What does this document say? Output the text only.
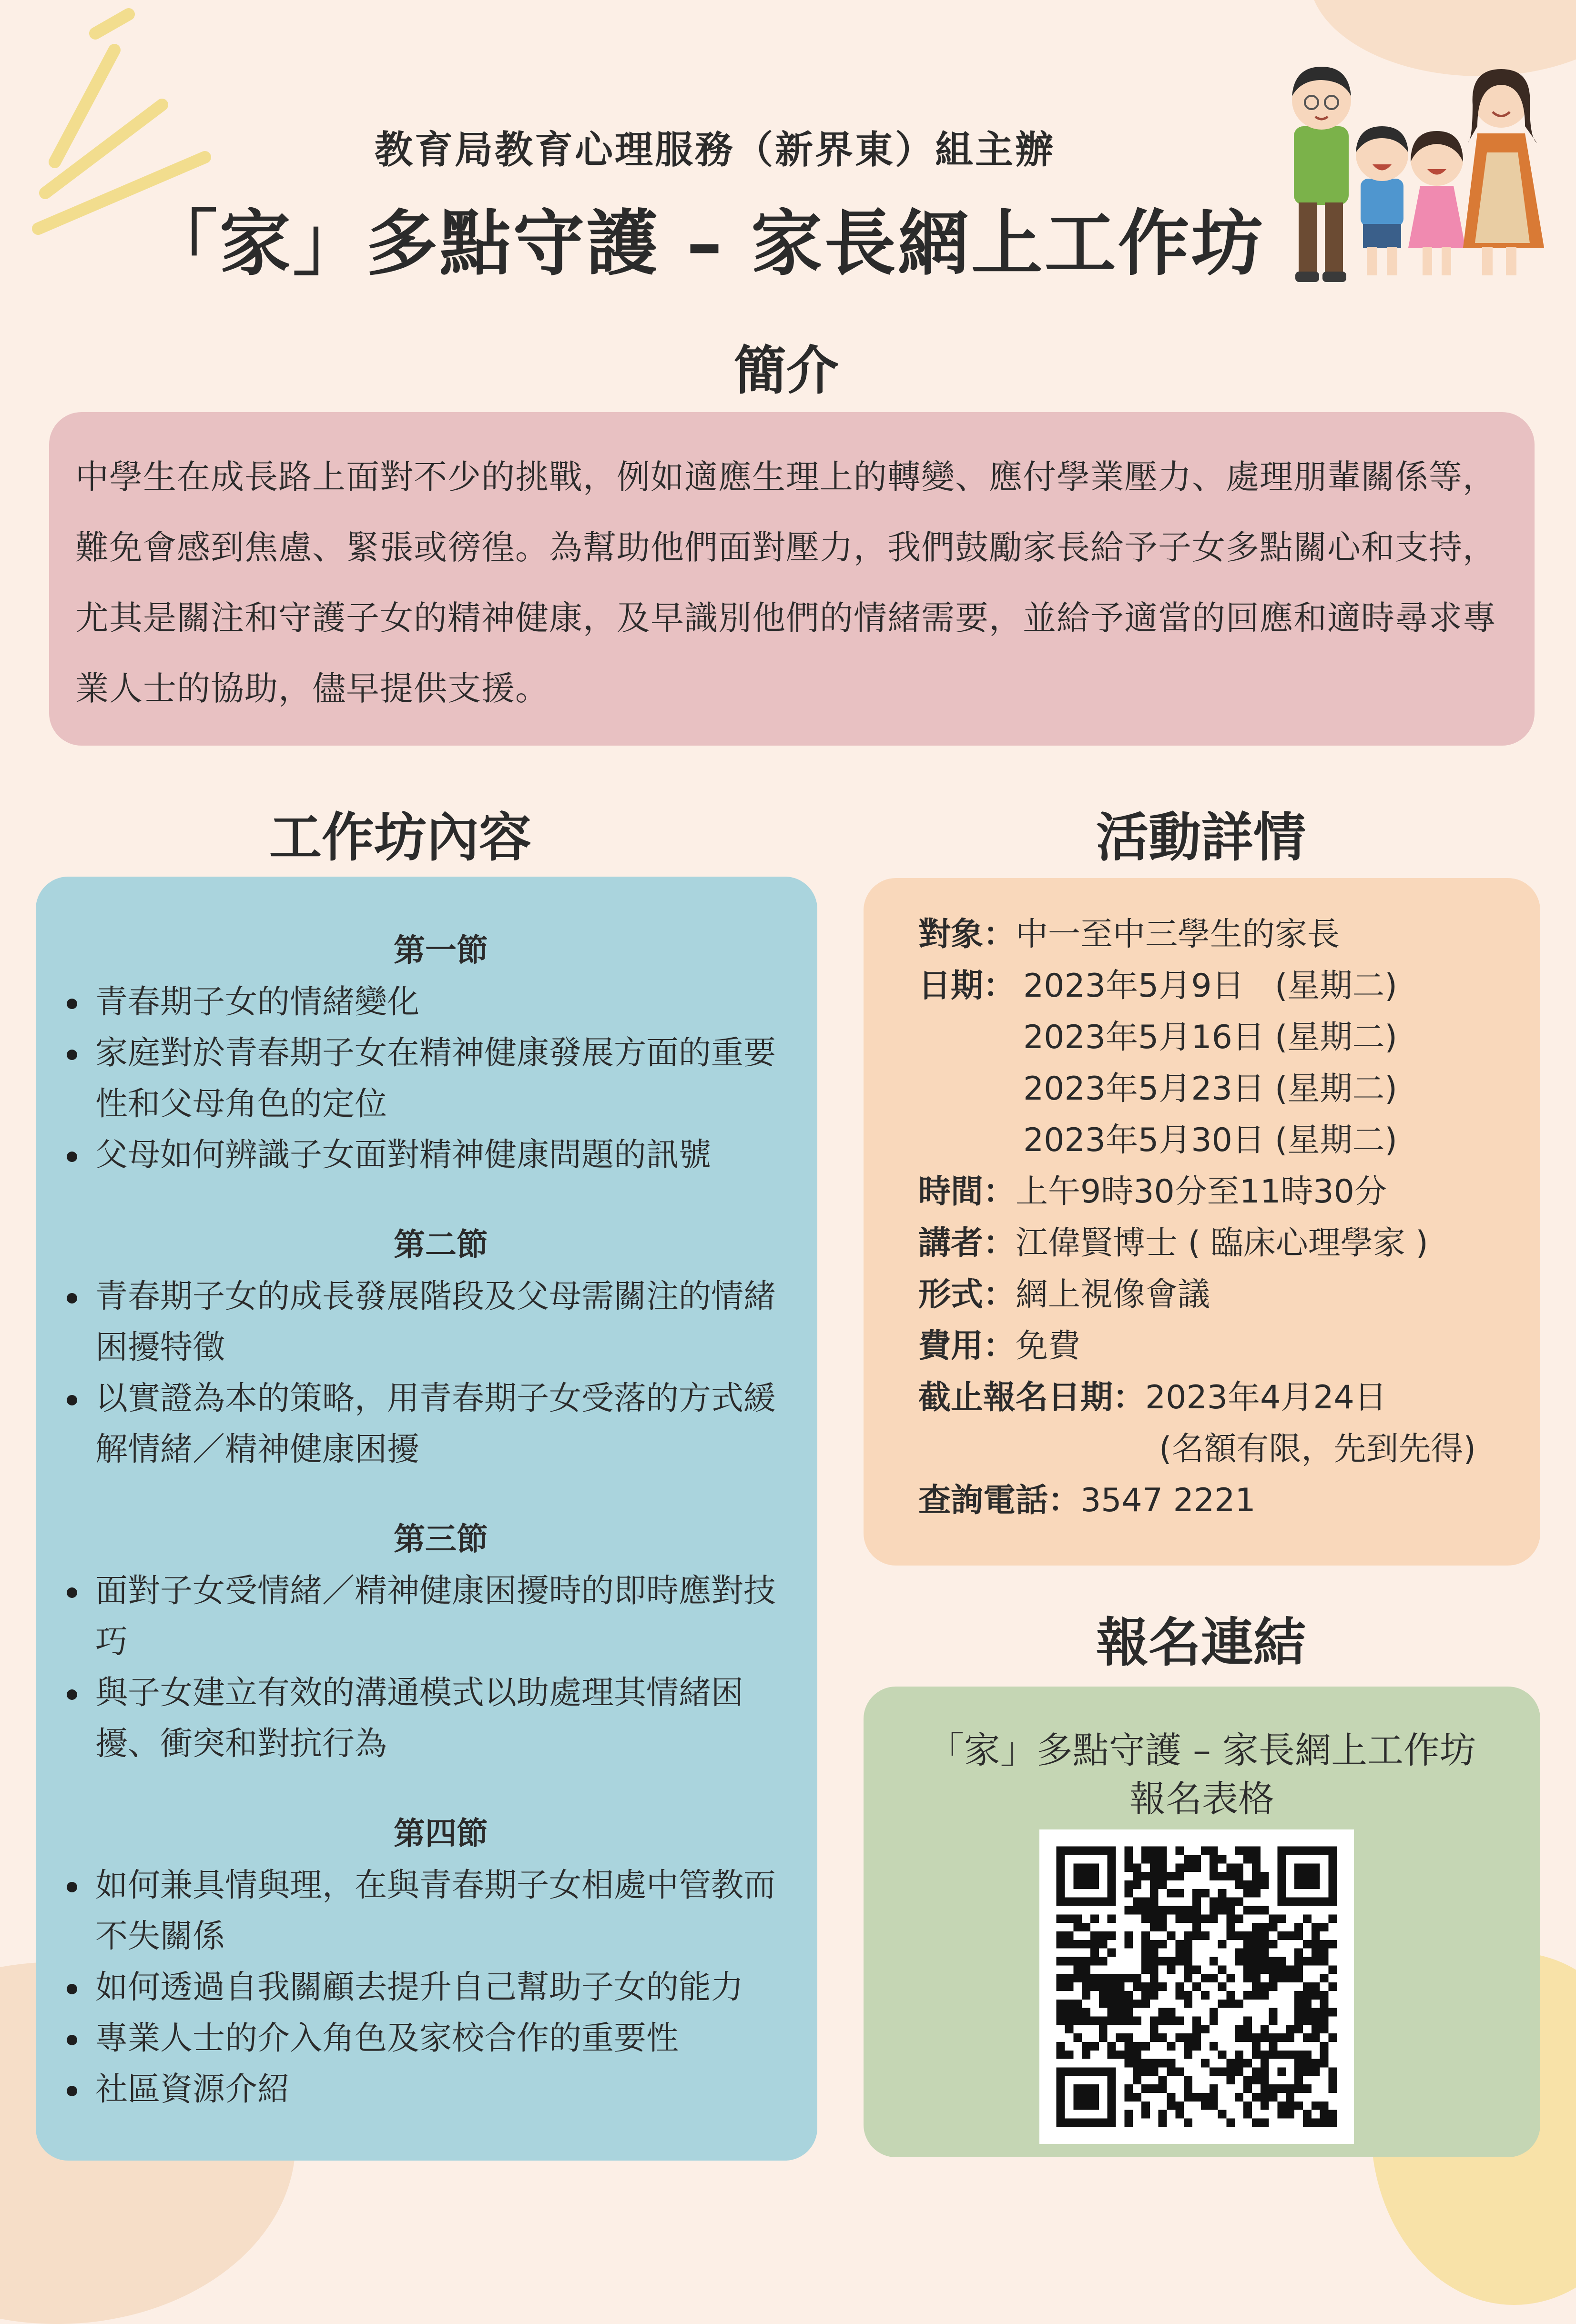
教育局教育心理服務（新界東）組主辦
「家」多點守護 – 家長網上工作坊
簡介
中學生在成長路上面對不少的挑戰，例如適應生理上的轉變、應付學業壓力、處理朋輩關係等，難免會感到焦慮、緊張或徬徨。為幫助他們面對壓力，我們鼓勵家長給予子女多點關心和支持，尤其是關注和守護子女的精神健康，及早識別他們的情緒需要，並給予適當的回應和適時尋求專業人士的協助，儘早提供支援。
工作坊內容
第一節
青春期子女的情緒變化
家庭對於青春期子女在精神健康發展方面的重要性和父母角色的定位
父母如何辨識子女面對精神健康問題的訊號
第二節
青春期子女的成長發展階段及父母需關注的情緒困擾特徵
以實證為本的策略，用青春期子女受落的方式緩解情緒／精神健康困擾
第三節
面對子女受情緒／精神健康困擾時的即時應對技巧
與子女建立有效的溝通模式以助處理其情緒困擾、衝突和對抗行為
第四節
如何兼具情與理，在與青春期子女相處中管教而不失關係
如何透過自我關顧去提升自己幫助子女的能力
專業人士的介入角色及家校合作的重要性
社區資源介紹
活動詳情
對象：中一至中三學生的家長
日期： 2023年5月9日 (星期二)
2023年5月16日 (星期二)
2023年5月23日 (星期二)
2023年5月30日 (星期二)
時間：上午9時30分至11時30分
講者：江偉賢博士 ( 臨床心理學家 )
形式：網上視像會議
費用：免費
截止報名日期：2023年4月24日
(名額有限，先到先得)
查詢電話：3547 2221
報名連結
「家」多點守護 – 家長網上工作坊
報名表格
